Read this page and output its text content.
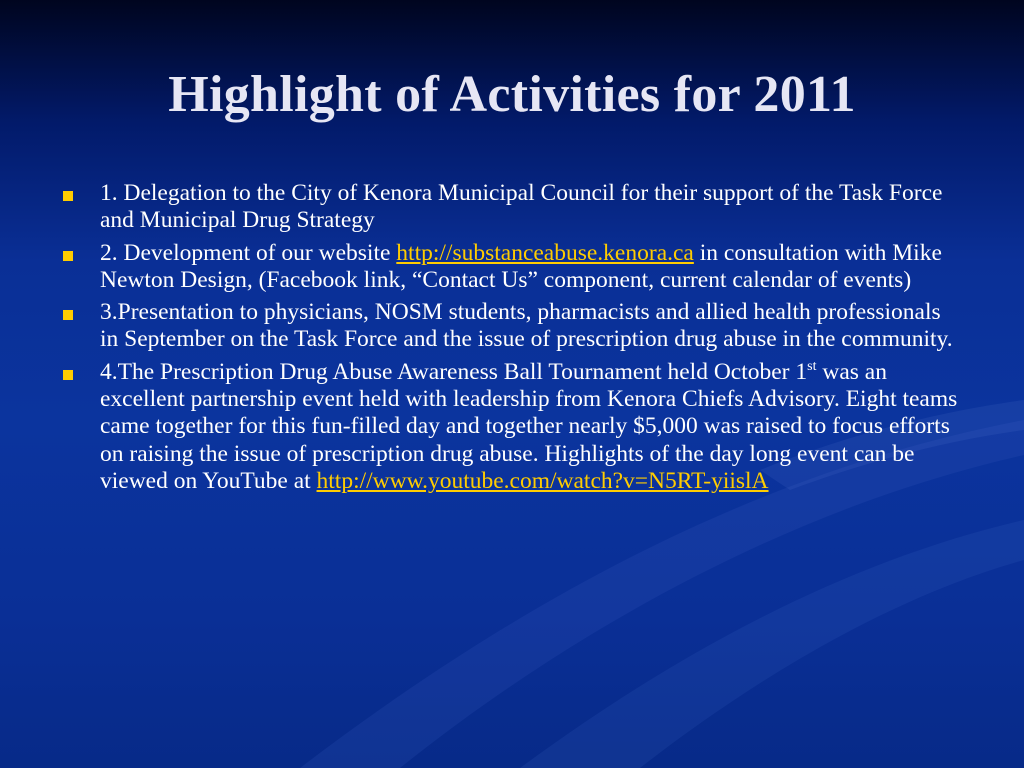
Highlight of Activities for 2011
1. Delegation to the City of Kenora Municipal Council for their support of the Task Force and Municipal Drug Strategy
2. Development of our website http://substanceabuse.kenora.ca in consultation with Mike Newton Design, (Facebook link, “Contact Us” component, current calendar of events)
3.Presentation to physicians, NOSM students, pharmacists and allied health professionals in September on the Task Force and the issue of prescription drug abuse in the community.
4.The Prescription Drug Abuse Awareness Ball Tournament held October 1st was an excellent partnership event held with leadership from Kenora Chiefs Advisory. Eight teams came together for this fun-filled day and together nearly $5,000 was raised to focus efforts on raising the issue of prescription drug abuse. Highlights of the day long event can be viewed on YouTube at http://www.youtube.com/watch?v=N5RT-yiislA
